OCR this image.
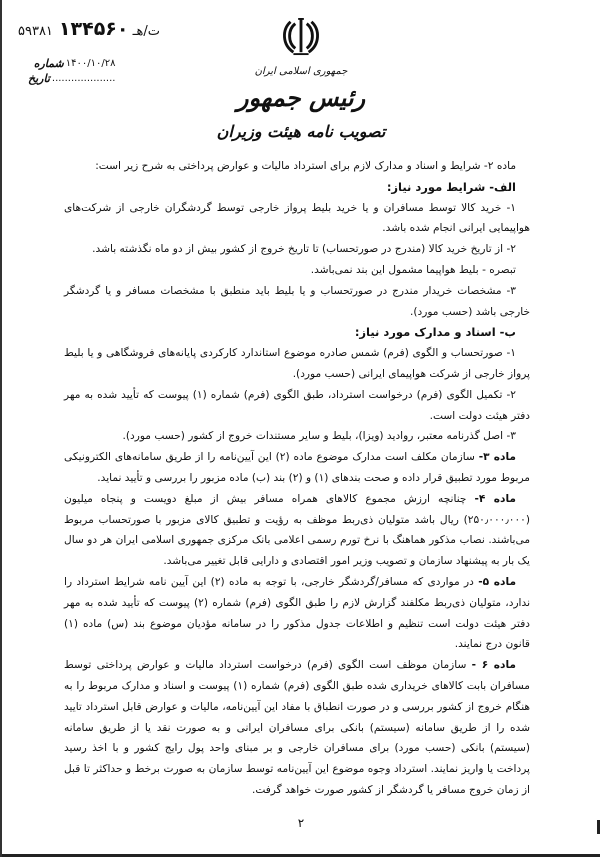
۵۹۳۸۱ت/هـ ۱۳۴۵۶۰
شماره ۱۴۰۰/۱۰/۲۸
تاریخ ....................
جمهوری اسلامی ایران
رئیس جمهور
تصویب نامه هیئت وزیران

ماده ۲- شرایط و اسناد و مدارک لازم برای استرداد مالیات و عوارض پرداختی به شرح زیر است:

الف- شرایط مورد نیاز:

۱- خرید کالا توسط مسافران و یا خرید بلیط پرواز خارجی توسط گردشگران خارجی از شرکت‌های هواپیمایی ایرانی انجام شده باشد.

۲- از تاریخ خرید کالا (مندرج در صورتحساب) تا تاریخ خروج از کشور بیش از دو ماه نگذشته باشد.

تبصره - بلیط هواپیما مشمول این بند نمی‌باشد.

۳- مشخصات خریدار مندرج در صورتحساب و یا بلیط باید منطبق با مشخصات مسافر و یا گردشگر خارجی باشد (حسب مورد).

ب- اسناد و مدارک مورد نیاز:

۱- صورتحساب و الگوی (فرم) شمس صادره موضوع استاندارد کارکردی پایانه‌های فروشگاهی و یا بلیط پرواز خارجی از شرکت هواپیمای ایرانی (حسب مورد).

۲- تکمیل الگوی (فرم) درخواست استرداد، طبق الگوی (فرم) شماره (۱) پیوست که تأیید شده به مهر دفتر هیئت دولت است.

۳- اصل گذرنامه معتبر، روادید (ویزا)، بلیط و سایر مستندات خروج از کشور (حسب مورد).

ماده ۳- سازمان مکلف است مدارک موضوع ماده (۲) این آیین‌نامه را از طریق سامانه‌های الکترونیکی مربوط مورد تطبیق قرار داده و صحت بندهای (۱) و (۲) بند (ب) ماده مزبور را بررسی و تأیید نماید.

ماده ۴- چنانچه ارزش مجموع کالاهای همراه مسافر بیش از مبلغ دویست و پنجاه میلیون (۲۵۰٫۰۰۰٫۰۰۰) ریال باشد متولیان ذی‌ربط موظف به رؤیت و تطبیق کالای مزبور با صورتحساب مربوط می‌باشند. نصاب مذکور هماهنگ با نرخ تورم رسمی اعلامی بانک مرکزی جمهوری اسلامی ایران هر دو سال یک بار به پیشنهاد سازمان و تصویب وزیر امور اقتصادی و دارایی قابل تغییر می‌باشد.

ماده ۵- در مواردی که مسافر/گردشگر خارجی، با توجه به ماده (۲) این آیین نامه شرایط استرداد را ندارد، متولیان ذی‌ربط مکلفند گزارش لازم را طبق الگوی (فرم) شماره (۲) پیوست که تأیید شده به مهر دفتر هیئت دولت است تنظیم و اطلاعات جدول مذکور را در سامانه مؤدیان موضوع بند (س) ماده (۱) قانون درج نمایند.

ماده ۶ - سازمان موظف است الگوی (فرم) درخواست استرداد مالیات و عوارض پرداختی توسط مسافران بابت کالاهای خریداری شده طبق الگوی (فرم) شماره (۱) پیوست و اسناد و مدارک مربوط را به هنگام خروج از کشور بررسی و در صورت انطباق با مفاد این آیین‌نامه، مالیات و عوارض قابل استرداد تایید شده را از طریق سامانه (سیستم) بانکی برای مسافران ایرانی و به صورت نقد یا از طریق سامانه (سیستم) بانکی (حسب مورد) برای مسافران خارجی و بر مبنای واحد پول رایج کشور و با اخذ رسید پرداخت یا واریز نمایند. استرداد وجوه موضوع این آیین‌نامه توسط سازمان به صورت برخط و حداکثر تا قبل از زمان خروج مسافر یا گردشگر از کشور صورت خواهد گرفت.

۲
